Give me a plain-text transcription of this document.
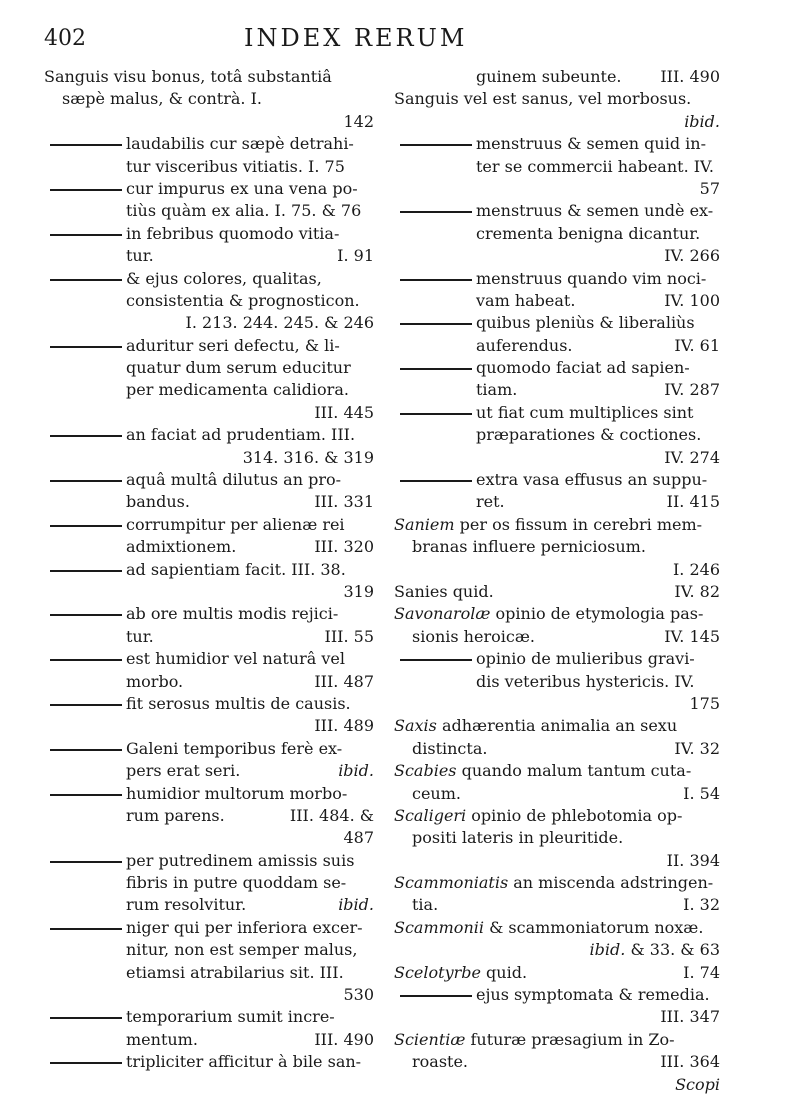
402	INDEX RERUM
Sanguis visu bonus, totâ substantiâ
sæpè malus, & contrà. I.
142
laudabilis cur sæpè detrahi-
tur visceribus vitiatis. I. 75
cur impurus ex una vena po-
tiùs quàm ex alia. I. 75. & 76
in febribus quomodo vitia-
tur.	I. 91
& ejus colores, qualitas,
consistentia & prognosticon.
I. 213. 244. 245. & 246
aduritur seri defectu, & li-
quatur dum serum educitur
per medicamenta calidiora.
III. 445
an faciat ad prudentiam. III.
314. 316. & 319
aquâ multâ dilutus an pro-
bandus.	III. 331
corrumpitur per alienæ rei
admixtionem.	III. 320
ad sapientiam facit. III. 38.
319
ab ore multis modis rejici-
tur.	III. 55
est humidior vel naturâ vel
morbo.	III. 487
fit serosus multis de causis.
III. 489
Galeni temporibus ferè ex-
pers erat seri.	ibid.
humidior multorum morbo-
rum parens.	III. 484. &
487
per putredinem amissis suis
fibris in putre quoddam se-
rum resolvitur.	ibid.
niger qui per inferiora excer-
nitur, non est semper malus,
etiamsi atrabilarius sit. III.
530
temporarium sumit incre-
mentum.	III. 490
tripliciter afficitur à bile san-
guinem subeunte. III. 490
Sanguis vel est sanus, vel morbosus.
ibid.
menstruus & semen quid in-
ter se commercii habeant. IV.
57
menstruus & semen undè ex-
crementa benigna dicantur.
IV. 266
menstruus quando vim noci-
vam habeat.	IV. 100
quibus pleniùs & liberaliùs
auferendus.	IV. 61
quomodo faciat ad sapien-
tiam.	IV. 287
ut fiat cum multiplices sint
præparationes & coctiones.
IV. 274
extra vasa effusus an suppu-
ret.	II. 415
Saniem per os fissum in cerebri mem-
branas influere perniciosum.
I. 246
Sanies quid.	IV. 82
Savonarolæ opinio de etymologia pas-
sionis heroicæ.	IV. 145
opinio de mulieribus gravi-
dis veteribus hystericis. IV.
175
Saxis adhærentia animalia an sexu
distincta.	IV. 32
Scabies quando malum tantum cuta-
ceum.	I. 54
Scaligeri opinio de phlebotomia op-
positi lateris in pleuritide.
II. 394
Scammoniatis an miscenda adstringen-
tia.	I. 32
Scammonii & scammoniatorum noxæ.
ibid. & 33. & 63
Scelotyrbe quid.	I. 74
ejus symptomata & remedia.
III. 347
Scientiæ futuræ præsagium in Zo-
roaste.	III. 364
Scopi
